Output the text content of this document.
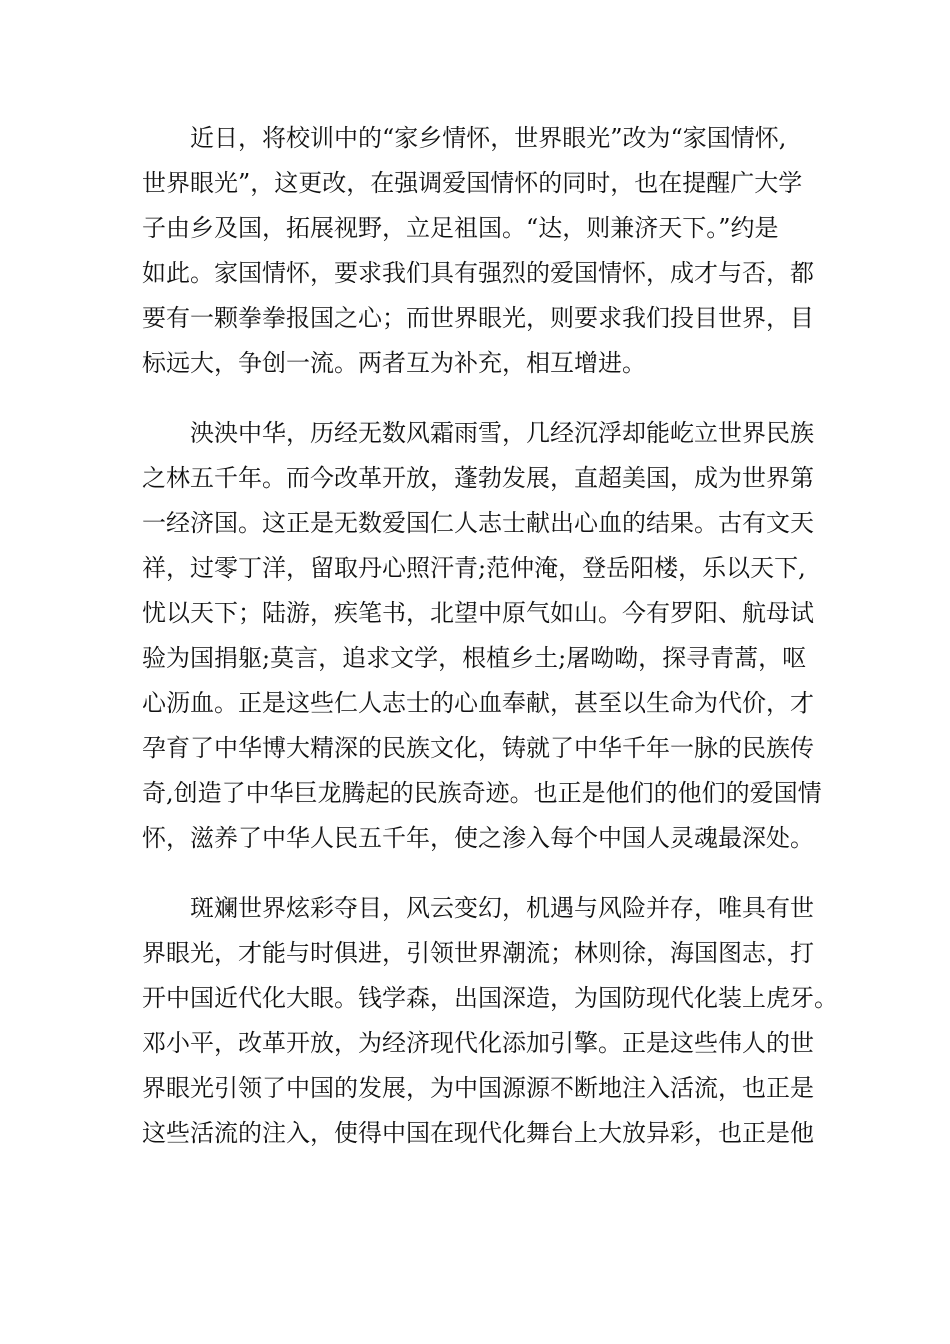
近日，将校训中的“家乡情怀，世界眼光”改为“家国情怀,
世界眼光”，这更改，在强调爱国情怀的同时，也在提醒广大学
子由乡及国，拓展视野，立足祖国。“达，则兼济天下。”约是
如此。家国情怀，要求我们具有强烈的爱国情怀，成才与否，都
要有一颗拳拳报国之心；而世界眼光，则要求我们投目世界，目
标远大，争创一流。两者互为补充，相互增进。
泱泱中华，历经无数风霜雨雪，几经沉浮却能屹立世界民族
之林五千年。而今改革开放，蓬勃发展，直超美国，成为世界第
一经济国。这正是无数爱国仁人志士献出心血的结果。古有文天
祥，过零丁洋，留取丹心照汗青;范仲淹，登岳阳楼，乐以天下,
忧以天下；陆游，疾笔书，北望中原气如山。今有罗阳、航母试
验为国捐躯;莫言，追求文学，根植乡土;屠呦呦，探寻青蒿，呕
心沥血。正是这些仁人志士的心血奉献，甚至以生命为代价，才
孕育了中华博大精深的民族文化，铸就了中华千年一脉的民族传
奇,创造了中华巨龙腾起的民族奇迹。也正是他们的他们的爱国情
怀，滋养了中华人民五千年，使之渗入每个中国人灵魂最深处。
斑斓世界炫彩夺目，风云变幻，机遇与风险并存，唯具有世
界眼光，才能与时俱进，引领世界潮流；林则徐，海国图志，打
开中国近代化大眼。钱学森，出国深造，为国防现代化装上虎牙。
邓小平，改革开放，为经济现代化添加引擎。正是这些伟人的世
界眼光引领了中国的发展，为中国源源不断地注入活流，也正是
这些活流的注入，使得中国在现代化舞台上大放异彩，也正是他
